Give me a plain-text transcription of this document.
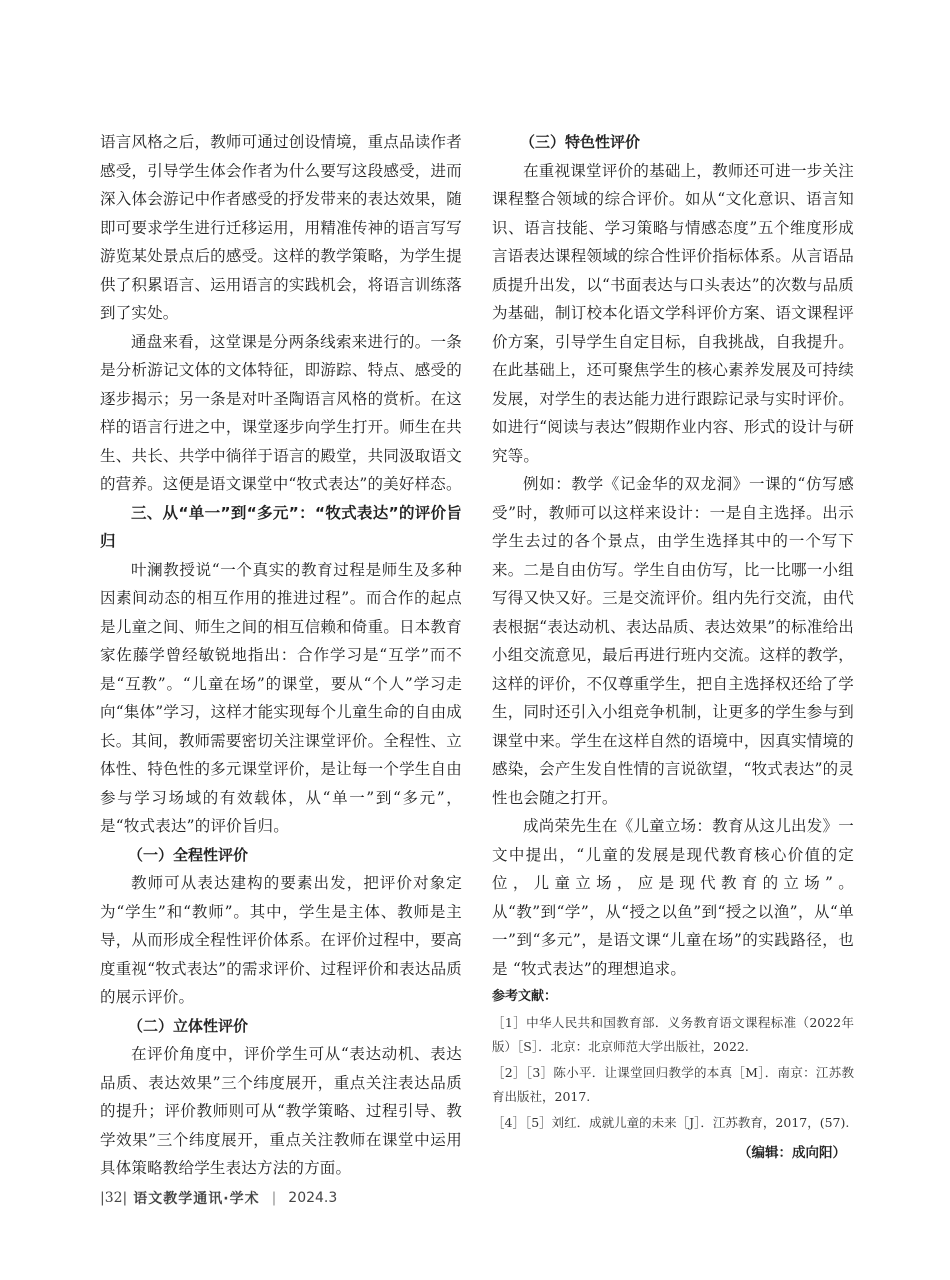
语言风格之后，教师可通过创设情境，重点品读作者感受，引导学生体会作者为什么要写这段感受，进而深入体会游记中作者感受的抒发带来的表达效果，随即可要求学生进行迁移运用，用精准传神的语言写写游览某处景点后的感受。这样的教学策略，为学生提供了积累语言、运用语言的实践机会，将语言训练落到了实处。

通盘来看，这堂课是分两条线索来进行的。一条是分析游记文体的文体特征，即游踪、特点、感受的逐步揭示；另一条是对叶圣陶语言风格的赏析。在这样的语言行进之中，课堂逐步向学生打开。师生在共生、共长、共学中徜徉于语言的殿堂，共同汲取语文的营养。这便是语文课堂中“牧式表达”的美好样态。

三、从“单一”到“多元”：“牧式表达”的评价旨归

叶澜教授说“一个真实的教育过程是师生及多种因素间动态的相互作用的推进过程”。而合作的起点是儿童之间、师生之间的相互信赖和倚重。日本教育家佐藤学曾经敏锐地指出：合作学习是“互学”而不是“互教”。“儿童在场”的课堂，要从“个人”学习走向“集体”学习，这样才能实现每个儿童生命的自由成长。其间，教师需要密切关注课堂评价。全程性、立体性、特色性的多元课堂评价，是让每一个学生自由参与学习场域的有效载体，从“单一”到“多元”，是“牧式表达”的评价旨归。

（一）全程性评价

教师可从表达建构的要素出发，把评价对象定为“学生”和“教师”。其中，学生是主体、教师是主导，从而形成全程性评价体系。在评价过程中，要高度重视“牧式表达”的需求评价、过程评价和表达品质的展示评价。

（二）立体性评价

在评价角度中，评价学生可从“表达动机、表达品质、表达效果”三个纬度展开，重点关注表达品质的提升；评价教师则可从“教学策略、过程引导、教学效果”三个纬度展开，重点关注教师在课堂中运用具体策略教给学生表达方法的方面。

（三）特色性评价

在重视课堂评价的基础上，教师还可进一步关注课程整合领域的综合评价。如从“文化意识、语言知识、语言技能、学习策略与情感态度”五个维度形成言语表达课程领域的综合性评价指标体系。从言语品质提升出发，以“书面表达与口头表达”的次数与品质为基础，制订校本化语文学科评价方案、语文课程评价方案，引导学生自定目标，自我挑战，自我提升。在此基础上，还可聚焦学生的核心素养发展及可持续发展，对学生的表达能力进行跟踪记录与实时评价。如进行“阅读与表达”假期作业内容、形式的设计与研究等。

例如：教学《记金华的双龙洞》一课的“仿写感受”时，教师可以这样来设计：一是自主选择。出示学生去过的各个景点，由学生选择其中的一个写下来。二是自由仿写。学生自由仿写，比一比哪一小组写得又快又好。三是交流评价。组内先行交流，由代表根据“表达动机、表达品质、表达效果”的标准给出小组交流意见，最后再进行班内交流。这样的教学，这样的评价，不仅尊重学生，把自主选择权还给了学生，同时还引入小组竞争机制，让更多的学生参与到课堂中来。学生在这样自然的语境中，因真实情境的感染，会产生发自性情的言说欲望，“牧式表达”的灵性也会随之打开。

成尚荣先生在《儿童立场：教育从这儿出发》一文中提出，“儿童的发展是现代教育核心价值的定位，儿童立场，应是现代教育的立场”。从“教”到“学”，从“授之以鱼”到“授之以渔”，从“单一”到“多元”，是语文课“儿童在场”的实践路径，也是 “牧式表达”的理想追求。

参考文献：

［1］中华人民共和国教育部．义务教育语文课程标准（2022年版）［S］．北京：北京师范大学出版社，2022.

［2］［3］陈小平．让课堂回归教学的本真［M］．南京：江苏教育出版社，2017.

［4］［5］刘红．成就儿童的未来［J］．江苏教育，2017，(57).

（编辑：成向阳）
|32| 语文教学通讯·学术 | 2024.3
